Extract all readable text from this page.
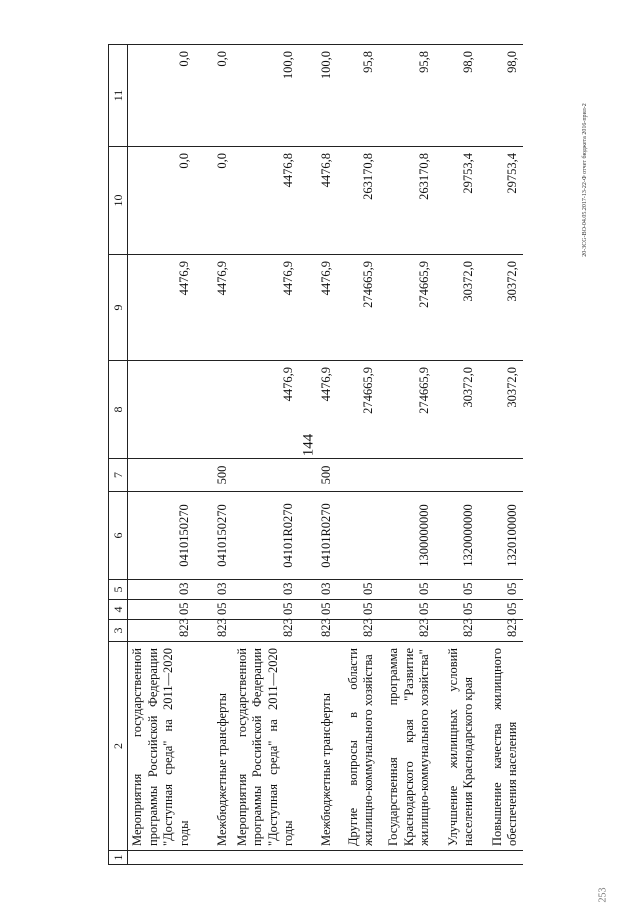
144
20-3CG-BO-04.05.2017-13-22-Ф отчет бюджета 2016-прил-2
253
1	2	3	4	5	6	7	8	9	10	11
	Мероприятия государственной программы Российской Федерации "Доступная среда" на 2011—2020 годы	823	05	03	0410150270			4476,9	0,0	0,0
	Межбюджетные трансферты	823	05	03	0410150270	500		4476,9	0,0	0,0
	Мероприятия государственной программы Российской Федерации "Доступная среда" на 2011—2020 годы	823	05	03	04101R0270		4476,9	4476,9	4476,8	100,0
	Межбюджетные трансферты	823	05	03	04101R0270	500	4476,9	4476,9	4476,8	100,0
	Другие вопросы в области жилищно-коммунального хозяйства	823	05	05			274665,9	274665,9	263170,8	95,8
	Государственная программа Краснодарского края "Развитие жилищно-коммунального хозяйства"	823	05	05	1300000000		274665,9	274665,9	263170,8	95,8
	Улучшение жилищных условий населения Краснодарского края	823	05	05	1320000000		30372,0	30372,0	29753,4	98,0
	Повышение качества жилищного обеспечения населения	823	05	05	1320100000		30372,0	30372,0	29753,4	98,0
